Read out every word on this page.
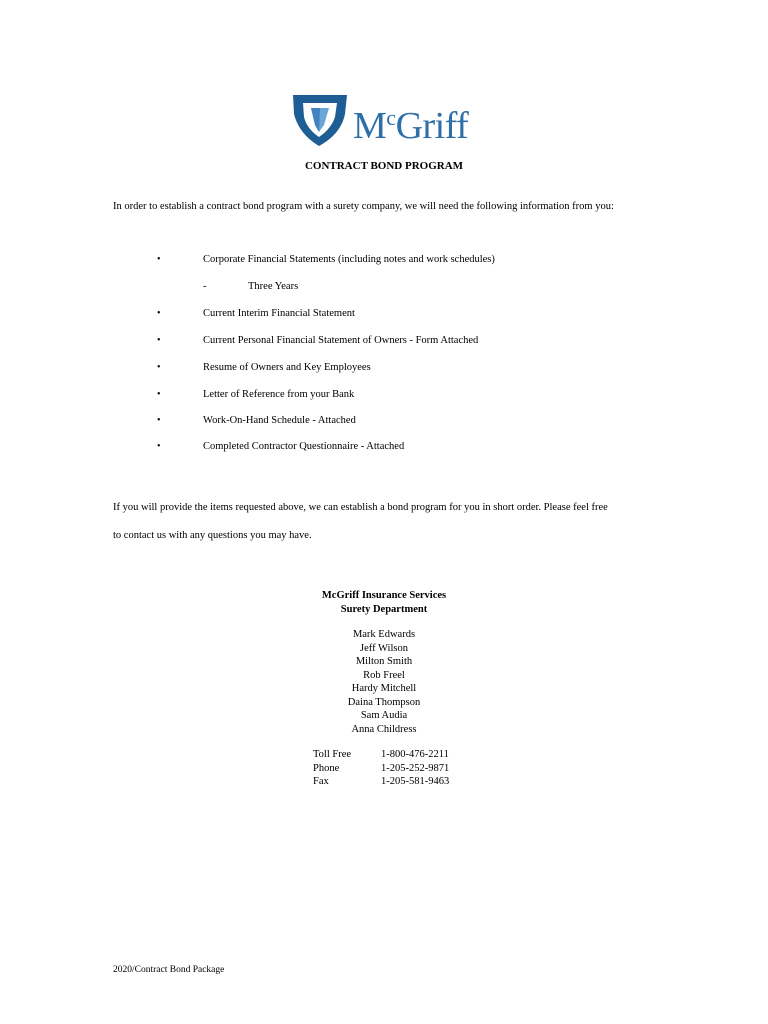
$M^cGriff$
CONTRACT BOND PROGRAM
In order to establish a contract bond program with a surety company, we will need the following information from you:
•	Corporate Financial Statements (including notes and work schedules)
-	Three Years
•	Current Interim Financial Statement
•	Current Personal Financial Statement of Owners - Form Attached
•	Resume of Owners and Key Employees
•	Letter of Reference from your Bank
•	Work-On-Hand Schedule - Attached
•	Completed Contractor Questionnaire - Attached
If you will provide the items requested above, we can establish a bond program for you in short order. Please feel free
to contact us with any questions you may have.
McGriff Insurance Services
Surety Department
Mark Edwards
Jeff Wilson
Milton Smith
Rob Freel
Hardy Mitchell
Daina Thompson
Sam Audia
Anna Childress
Toll Free	1-800-476-2211
Phone	1-205-252-9871
Fax	1-205-581-9463
2020/Contract Bond Package
